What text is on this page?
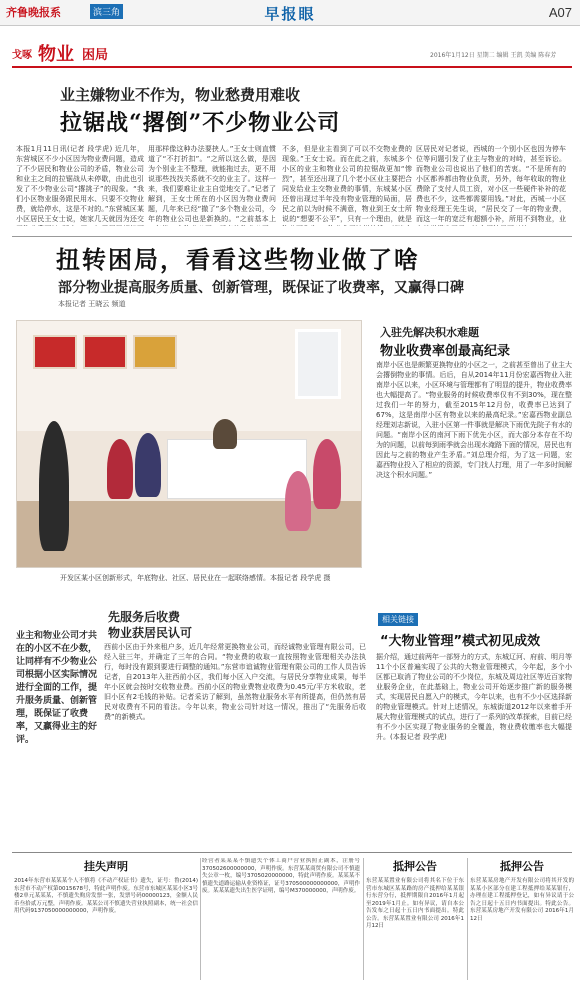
齐鲁晚报系	滨三角	早报眼	A07
戈啄 物业 困局	2016年1月12日 星期二 编辑 王凯 美编 陈春芳
业主嫌物业不作为，物业愁费用难收
拉锯战“撂倒”不少物业公司
本报1月11日讯(记者 段学虎) 近几年，东营城区不少小区因为物业费问题，造成了不少居民和物业公司的矛盾，物业公司和业主之间的拉锯战从未停歇，由此也引发了不少物业公司“撂挑子”的现象。“我们小区物业服务跟民用水、只要不交物业费，就给停水，这是不对的。”东营城区某小区居民王女士说，她家几天就因为还交
用那样像这种办法要挟人。”王女士则直惯道了“不打折扣”。“之所以这么做，是因为个别业主不整理，就能拖过去，更不用说那些找找关系就不交的业主了。这样一来，我们要难让业主自觉地交了。”记者了解到，王女士所在的小区因为物业费问题，几年来已经“撤了”多个物业公司，今年的物业公司也是新换的。“之前基本上
不多，但是业主看到了可以不交物业费的现象。”王女士说。而在此之前，东城多个小区的业主和物业公司的拉锯战更加“惨烈”，甚至还出现了几个老小区业主要把合同发给业主交物业费的事情，东城某小区还曾出现过半年没有物业管理的局面，居民之前以为时候不满意，物业到王女士所说的“想要不公平”，只有一个理由，就是
区居民对记者说，西城的一个别小区也因为停车位等问题引发了业主与物业的对峙，甚至诉讼。而物业公司也说出了他们的苦衷。“不是所有的小区都养都由物业负责，另外，每年收取的物业费除了支付人员工资，对小区一些硬件补补的花费也不少，这些都需要用钱。”对此，西城一小区物业经理王先生说，“居民交了一年的物业费，而这一年的宽泛有超额小补，所用不到物业，业
扭转困局，看看这些物业做了啥
部分物业提高服务质量、创新管理，既保证了收费率，又赢得口碑
本报记者 王晓云 频道
开发区某小区创新形式，年底物业、社区、居民业在一起联络感情。本报记者 段学虎 摄
入驻先解决积水难题
物业收费率创最高纪录
南岸小区也是颇繁更换物业的小区之一，之前甚至曾出了业主大会撂倒物业的事情。后后，自从2014年11月份宏嘉西物业入驻南岸小区以来，小区环境与管理都有了明显的提升，物业收费率也大幅提高了。“物业服务的时候收费率仅有不到30%，现在整过我们一年的努力，截至2015年12月份，收费率已达到了67%，这是南岸小区有物业以来的最高纪录。”宏嘉西物业副总经理刘志新说，入驻小区第一件事就是解决下雨优先院子有水的问题。“南岸小区的南河下雨下优先小区，而大部分本存在不均为的问题，以前每到雨季就会出现水淹路下面的情况，居民也有因此与之前的物业产生矛盾。”刘总理介绍，为了这一问题，宏嘉西物业投入了相应的资源，专门找人打理，用了一年多时间解决这个积水问题。”
业主和物业公司才共在的小区不在少数，让同样有不少物业公司根据小区实际情况进行全面的工作，提升服务质量、创新管理，既保证了收费率，又赢得业主的好评。
先服务后收费
物业获居民认可
西前小区由于外来租户多，近几年经常更换物业公司，而经诚物业管理有限公司，已经入驻三年，并确定了三年的合同。“物业费的收取一直按照物业管理相关办法执行，每时没有跟到要进行调整的通知。”东营市谊诚物业管理有限公司的工作人员告诉记者，自2013年入驻西前小区，我们每小区入户交流，与居民分享物业成果，每半年小区就会按时交收物业费。西前小区的物业费物业收费为0.45元/平方米收取，老旧小区有2毛钱的补贴。记者采访了解到，虽然物业服务水平有所提高，但仍然有居民对收费有不同的看法。今年以来，物业公司针对这一情况，推出了“先服务后收费”的新模式。
相关链接
“大物业管理”模式初见成效
据介绍，通过前两年一部努力的方式，东城辽河、府前、明月等11个小区普遍实现了公共的大物业管理模式，今年起，多个小区都已取消了物业公司的不少岗位，东城及周边社区等近百家物业服务企业，在此基础上，物业公司开始逐步推广新的服务模式，实现居民自愿入户的模式，今年以来，也有不少小区选择新的物业管理模式。针对上述情况，东城街道2012年以来着手开展大物业管理模式的试点，进行了一系列的改革探索，目前已经有不少小区实现了物业服务的全覆盖，物业费收缴率也大幅提升。(本报记者 段学虎)
挂失声明
2014年东营市某某某个人不慎将《不动产权证书》遗失，证号：鲁(2014)东营市不动产权第0015678号，特此声明作废。东营市东城区某某小区3号楼2单元某某某，不慎遗失购房发票一张，发票号码00000123，金额人民币叁拾贰万元整，声明作废。某某公司不慎遗失营业执照副本，统一社会信用代码9137050000000000，声明作废。
经营者某某某不慎遗失个体工商户营业执照正副本，注册号370502600000000，声明作废。东营某某商贸有限公司不慎遗失公章一枚，编号3705020000000，特此声明作废。某某某不慎遗失道路运输从业资格证，证号370500000000000，声明作废。某某某遗失出生医学证明，编号M370000000，声明作废。
抵押公告
东营某某置业有限公司将其名下位于东营市东城区某某路的房产抵押给某某银行东营分行，抵押期限自2016年1月起至2019年1月止。如有异议，请自本公告发布之日起十五日内书面提出。特此公告。东营某某置业有限公司 2016年1月12日
抵押公告
东营某某房地产开发有限公司将其开发的某某小区部分在建工程抵押给某某银行，办理在建工程抵押登记，如有异议请于公告之日起十五日内书面提出。特此公告。东营某某房地产开发有限公司 2016年1月12日
